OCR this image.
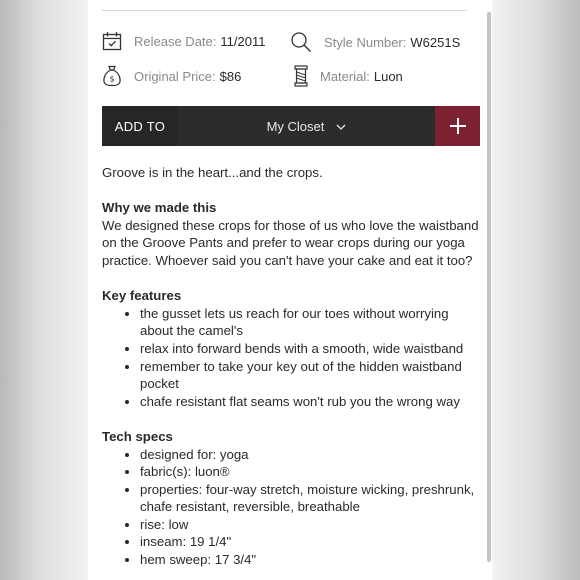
Release Date: 11/2011	Style Number: W6251S
$ Original Price: $86	Material: Luon
ADD TO	My Closet

Groove is in the heart...and the crops.

Why we made this

We designed these crops for those of us who love the waistband on the Groove Pants and prefer to wear crops during our yoga practice. Whoever said you can't have your cake and eat it too?

Key features

• the gusset lets us reach for our toes without worrying about the camel's
• relax into forward bends with a smooth, wide waistband
• remember to take your key out of the hidden waistband pocket
• chafe resistant flat seams won't rub you the wrong way

Tech specs

• designed for: yoga
• fabric(s): luon®
• properties: four-way stretch, moisture wicking, preshrunk, chafe resistant, reversible, breathable
• rise: low
• inseam: 19 1/4"
• hem sweep: 17 3/4"
